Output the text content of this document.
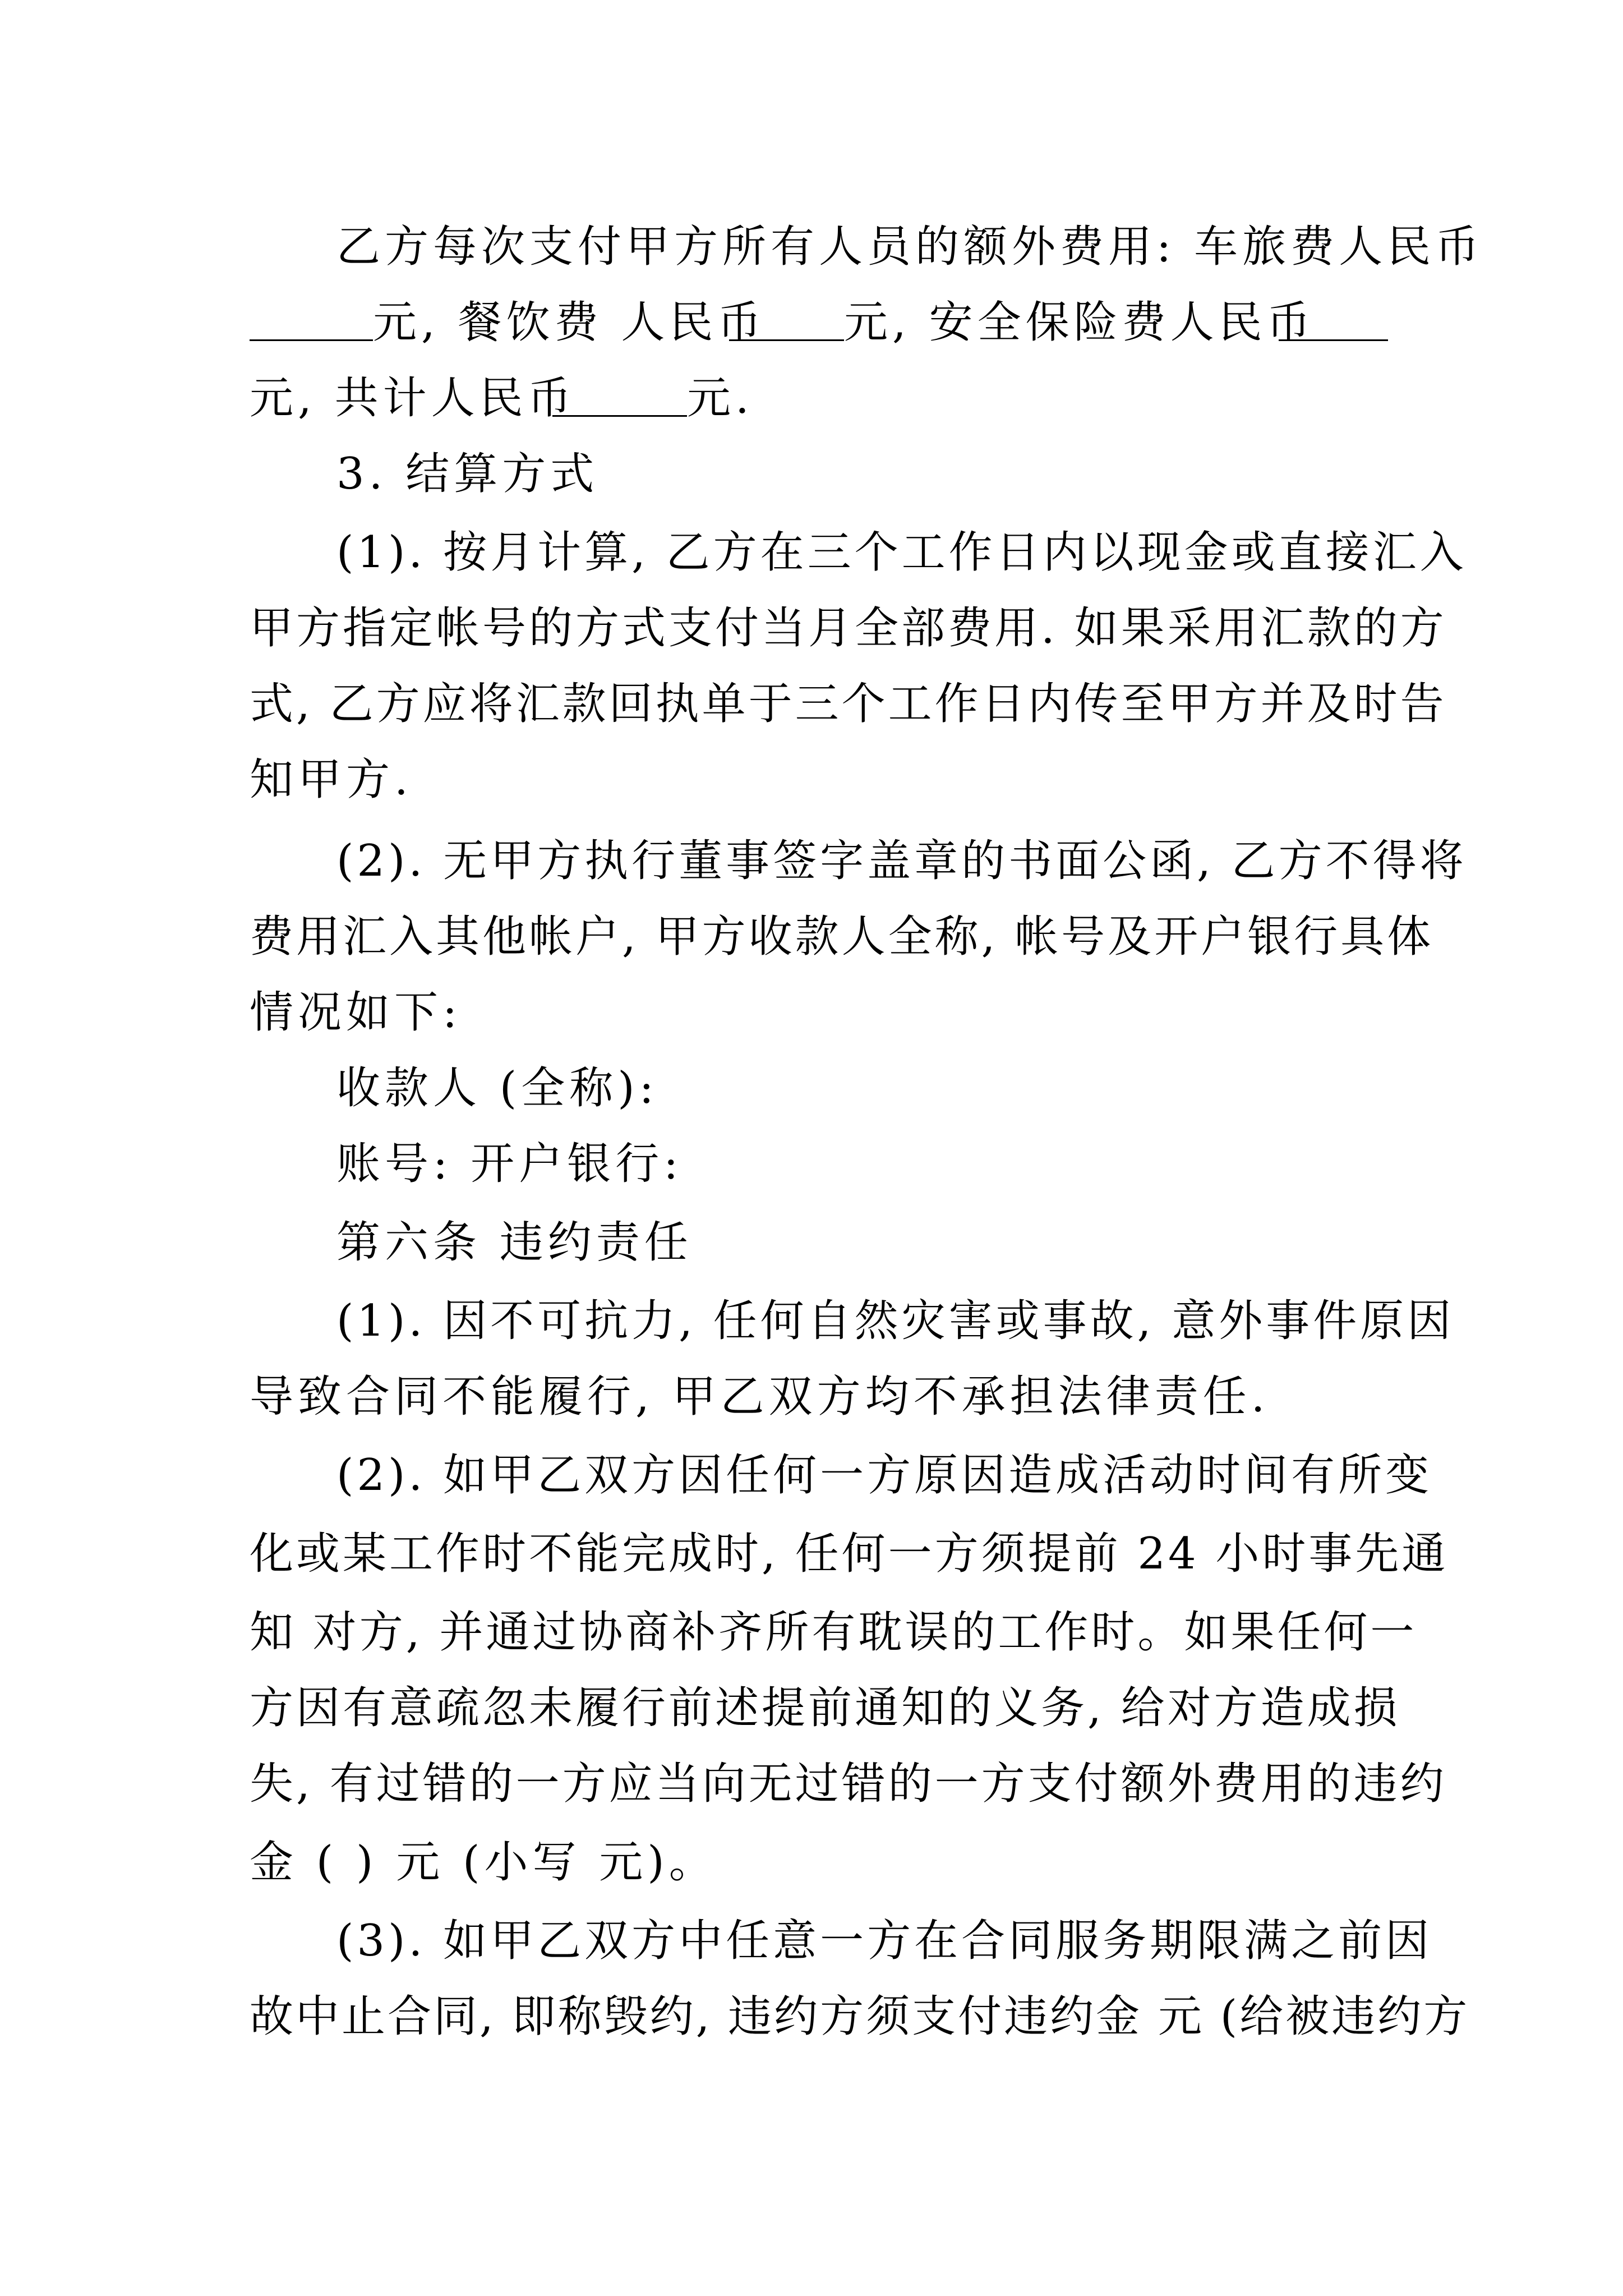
乙方每次支付甲方所有人员的额外费用: 车旅费人民币
元, 餐饮费 人民币 元, 安全保险费人民币
元, 共计人民币	元.
3. 结算方式
(1). 按月计算, 乙方在三个工作日内以现金或直接汇入
甲方指定帐号的方式支付当月全部费用. 如果采用汇款的方
式, 乙方应将汇款回执单于三个工作日内传至甲方并及时告
知甲方.
(2). 无甲方执行董事签字盖章的书面公函, 乙方不得将
费用汇入其他帐户, 甲方收款人全称, 帐号及开户银行具体
情况如下:
收款人 (全称):
账号: 开户银行:
第六条 违约责任
(1). 因不可抗力, 任何自然灾害或事故, 意外事件原因
导致合同不能履行, 甲乙双方均不承担法律责任.
(2). 如甲乙双方因任何一方原因造成活动时间有所变
化或某工作时不能完成时, 任何一方须提前 24 小时事先通
知 对方, 并通过协商补齐所有耽误的工作时。如果任何一
方因有意疏忽未履行前述提前通知的义务, 给对方造成损
失, 有过错的一方应当向无过错的一方支付额外费用的违约
金 ( ) 元 (小写 元)。
(3). 如甲乙双方中任意一方在合同服务期限满之前因
故中止合同, 即称毁约, 违约方须支付违约金 元 (给被违约方
